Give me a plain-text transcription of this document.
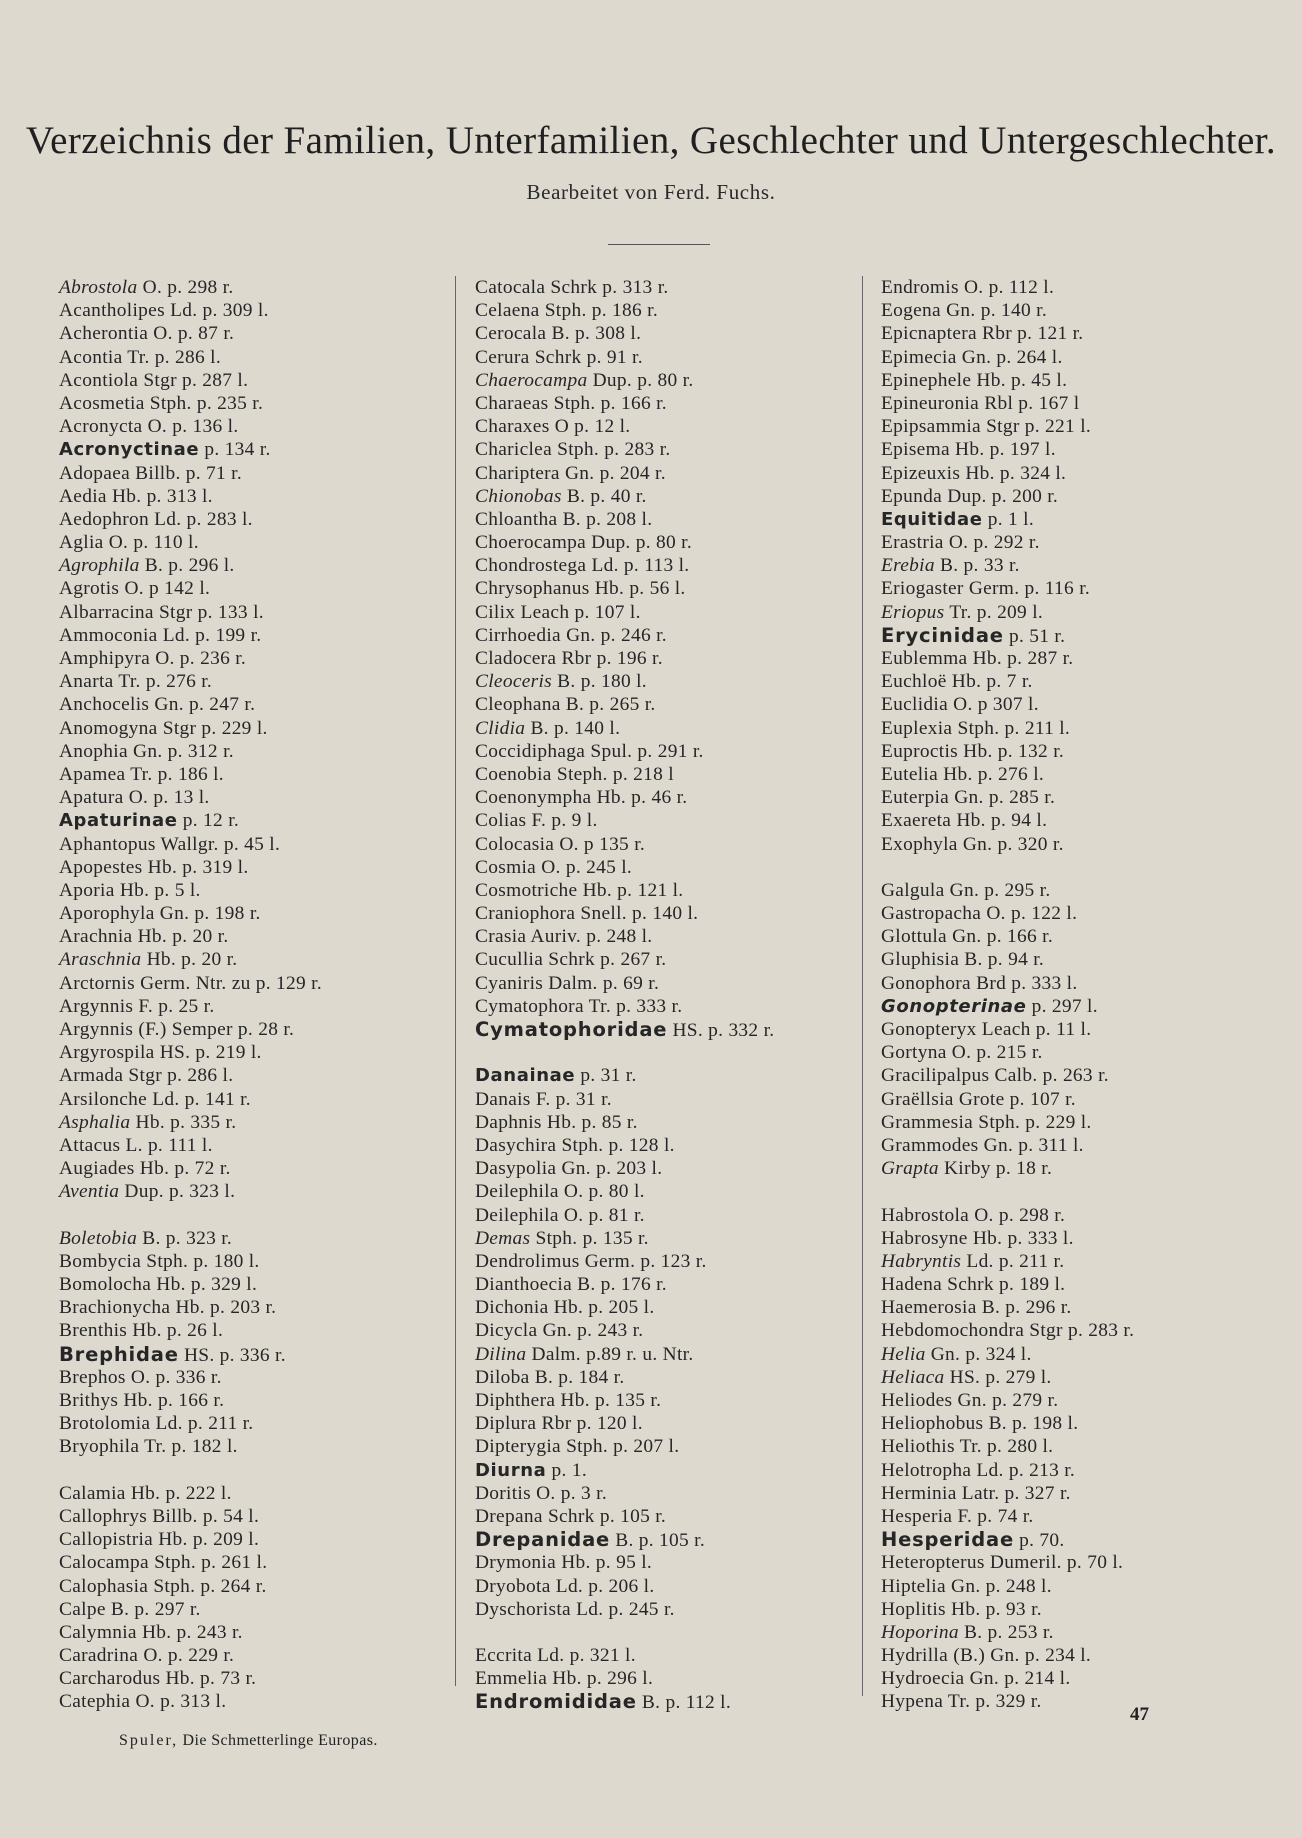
Verzeichnis der Familien, Unterfamilien, Geschlechter und Untergeschlechter.
Bearbeitet von Ferd. Fuchs.
Abrostola O. p. 298 r.
Acantholipes Ld. p. 309 l.
Acherontia O. p. 87 r.
Acontia Tr. p. 286 l.
Acontiola Stgr p. 287 l.
Acosmetia Stph. p. 235 r.
Acronycta O. p. 136 l.
Acronyctinae p. 134 r.
Adopaea Billb. p. 71 r.
Aedia Hb. p. 313 l.
Aedophron Ld. p. 283 l.
Aglia O. p. 110 l.
Agrophila B. p. 296 l.
Agrotis O. p 142 l.
Albarracina Stgr p. 133 l.
Ammoconia Ld. p. 199 r.
Amphipyra O. p. 236 r.
Anarta Tr. p. 276 r.
Anchocelis Gn. p. 247 r.
Anomogyna Stgr p. 229 l.
Anophia Gn. p. 312 r.
Apamea Tr. p. 186 l.
Apatura O. p. 13 l.
Apaturinae p. 12 r.
Aphantopus Wallgr. p. 45 l.
Apopestes Hb. p. 319 l.
Aporia Hb. p. 5 l.
Aporophyla Gn. p. 198 r.
Arachnia Hb. p. 20 r.
Araschnia Hb. p. 20 r.
Arctornis Germ. Ntr. zu p. 129 r.
Argynnis F. p. 25 r.
Argynnis (F.) Semper p. 28 r.
Argyrospila HS. p. 219 l.
Armada Stgr p. 286 l.
Arsilonche Ld. p. 141 r.
Asphalia Hb. p. 335 r.
Attacus L. p. 111 l.
Augiades Hb. p. 72 r.
Aventia Dup. p. 323 l.
Boletobia B. p. 323 r.
Bombycia Stph. p. 180 l.
Bomolocha Hb. p. 329 l.
Brachionycha Hb. p. 203 r.
Brenthis Hb. p. 26 l.
Brephidae HS. p. 336 r.
Brephos O. p. 336 r.
Brithys Hb. p. 166 r.
Brotolomia Ld. p. 211 r.
Bryophila Tr. p. 182 l.
Calamia Hb. p. 222 l.
Callophrys Billb. p. 54 l.
Callopistria Hb. p. 209 l.
Calocampa Stph. p. 261 l.
Calophasia Stph. p. 264 r.
Calpe B. p. 297 r.
Calymnia Hb. p. 243 r.
Caradrina O. p. 229 r.
Carcharodus Hb. p. 73 r.
Catephia O. p. 313 l.
Catocala Schrk p. 313 r.
Celaena Stph. p. 186 r.
Cerocala B. p. 308 l.
Cerura Schrk p. 91 r.
Chaerocampa Dup. p. 80 r.
Charaeas Stph. p. 166 r.
Charaxes O p. 12 l.
Chariclea Stph. p. 283 r.
Chariptera Gn. p. 204 r.
Chionobas B. p. 40 r.
Chloantha B. p. 208 l.
Choerocampa Dup. p. 80 r.
Chondrostega Ld. p. 113 l.
Chrysophanus Hb. p. 56 l.
Cilix Leach p. 107 l.
Cirrhoedia Gn. p. 246 r.
Cladocera Rbr p. 196 r.
Cleoceris B. p. 180 l.
Cleophana B. p. 265 r.
Clidia B. p. 140 l.
Coccidiphaga Spul. p. 291 r.
Coenobia Steph. p. 218 l
Coenonympha Hb. p. 46 r.
Colias F. p. 9 l.
Colocasia O. p 135 r.
Cosmia O. p. 245 l.
Cosmotriche Hb. p. 121 l.
Craniophora Snell. p. 140 l.
Crasia Auriv. p. 248 l.
Cucullia Schrk p. 267 r.
Cyaniris Dalm. p. 69 r.
Cymatophora Tr. p. 333 r.
Cymatophoridae HS. p. 332 r.
Danainae p. 31 r.
Danais F. p. 31 r.
Daphnis Hb. p. 85 r.
Dasychira Stph. p. 128 l.
Dasypolia Gn. p. 203 l.
Deilephila O. p. 80 l.
Deilephila O. p. 81 r.
Demas Stph. p. 135 r.
Dendrolimus Germ. p. 123 r.
Dianthoecia B. p. 176 r.
Dichonia Hb. p. 205 l.
Dicycla Gn. p. 243 r.
Dilina Dalm. p.89 r. u. Ntr.
Diloba B. p. 184 r.
Diphthera Hb. p. 135 r.
Diplura Rbr p. 120 l.
Dipterygia Stph. p. 207 l.
Diurna p. 1.
Doritis O. p. 3 r.
Drepana Schrk p. 105 r.
Drepanidae B. p. 105 r.
Drymonia Hb. p. 95 l.
Dryobota Ld. p. 206 l.
Dyschorista Ld. p. 245 r.
Eccrita Ld. p. 321 l.
Emmelia Hb. p. 296 l.
Endromididae B. p. 112 l.
Endromis O. p. 112 l.
Eogena Gn. p. 140 r.
Epicnaptera Rbr p. 121 r.
Epimecia Gn. p. 264 l.
Epinephele Hb. p. 45 l.
Epineuronia Rbl p. 167 l
Epipsammia Stgr p. 221 l.
Episema Hb. p. 197 l.
Epizeuxis Hb. p. 324 l.
Epunda Dup. p. 200 r.
Equitidae p. 1 l.
Erastria O. p. 292 r.
Erebia B. p. 33 r.
Eriogaster Germ. p. 116 r.
Eriopus Tr. p. 209 l.
Erycinidae p. 51 r.
Eublemma Hb. p. 287 r.
Euchloë Hb. p. 7 r.
Euclidia O. p 307 l.
Euplexia Stph. p. 211 l.
Euproctis Hb. p. 132 r.
Eutelia Hb. p. 276 l.
Euterpia Gn. p. 285 r.
Exaereta Hb. p. 94 l.
Exophyla Gn. p. 320 r.
Galgula Gn. p. 295 r.
Gastropacha O. p. 122 l.
Glottula Gn. p. 166 r.
Gluphisia B. p. 94 r.
Gonophora Brd p. 333 l.
Gonopterinae p. 297 l.
Gonopteryx Leach p. 11 l.
Gortyna O. p. 215 r.
Gracilipalpus Calb. p. 263 r.
Graëllsia Grote p. 107 r.
Grammesia Stph. p. 229 l.
Grammodes Gn. p. 311 l.
Grapta Kirby p. 18 r.
Habrostola O. p. 298 r.
Habrosyne Hb. p. 333 l.
Habryntis Ld. p. 211 r.
Hadena Schrk p. 189 l.
Haemerosia B. p. 296 r.
Hebdomochondra Stgr p. 283 r.
Helia Gn. p. 324 l.
Heliaca HS. p. 279 l.
Heliodes Gn. p. 279 r.
Heliophobus B. p. 198 l.
Heliothis Tr. p. 280 l.
Helotropha Ld. p. 213 r.
Herminia Latr. p. 327 r.
Hesperia F. p. 74 r.
Hesperidae p. 70.
Heteropterus Dumeril. p. 70 l.
Hiptelia Gn. p. 248 l.
Hoplitis Hb. p. 93 r.
Hoporina B. p. 253 r.
Hydrilla (B.) Gn. p. 234 l.
Hydroecia Gn. p. 214 l.
Hypena Tr. p. 329 r.
47
Spuler, Die Schmetterlinge Europas.
